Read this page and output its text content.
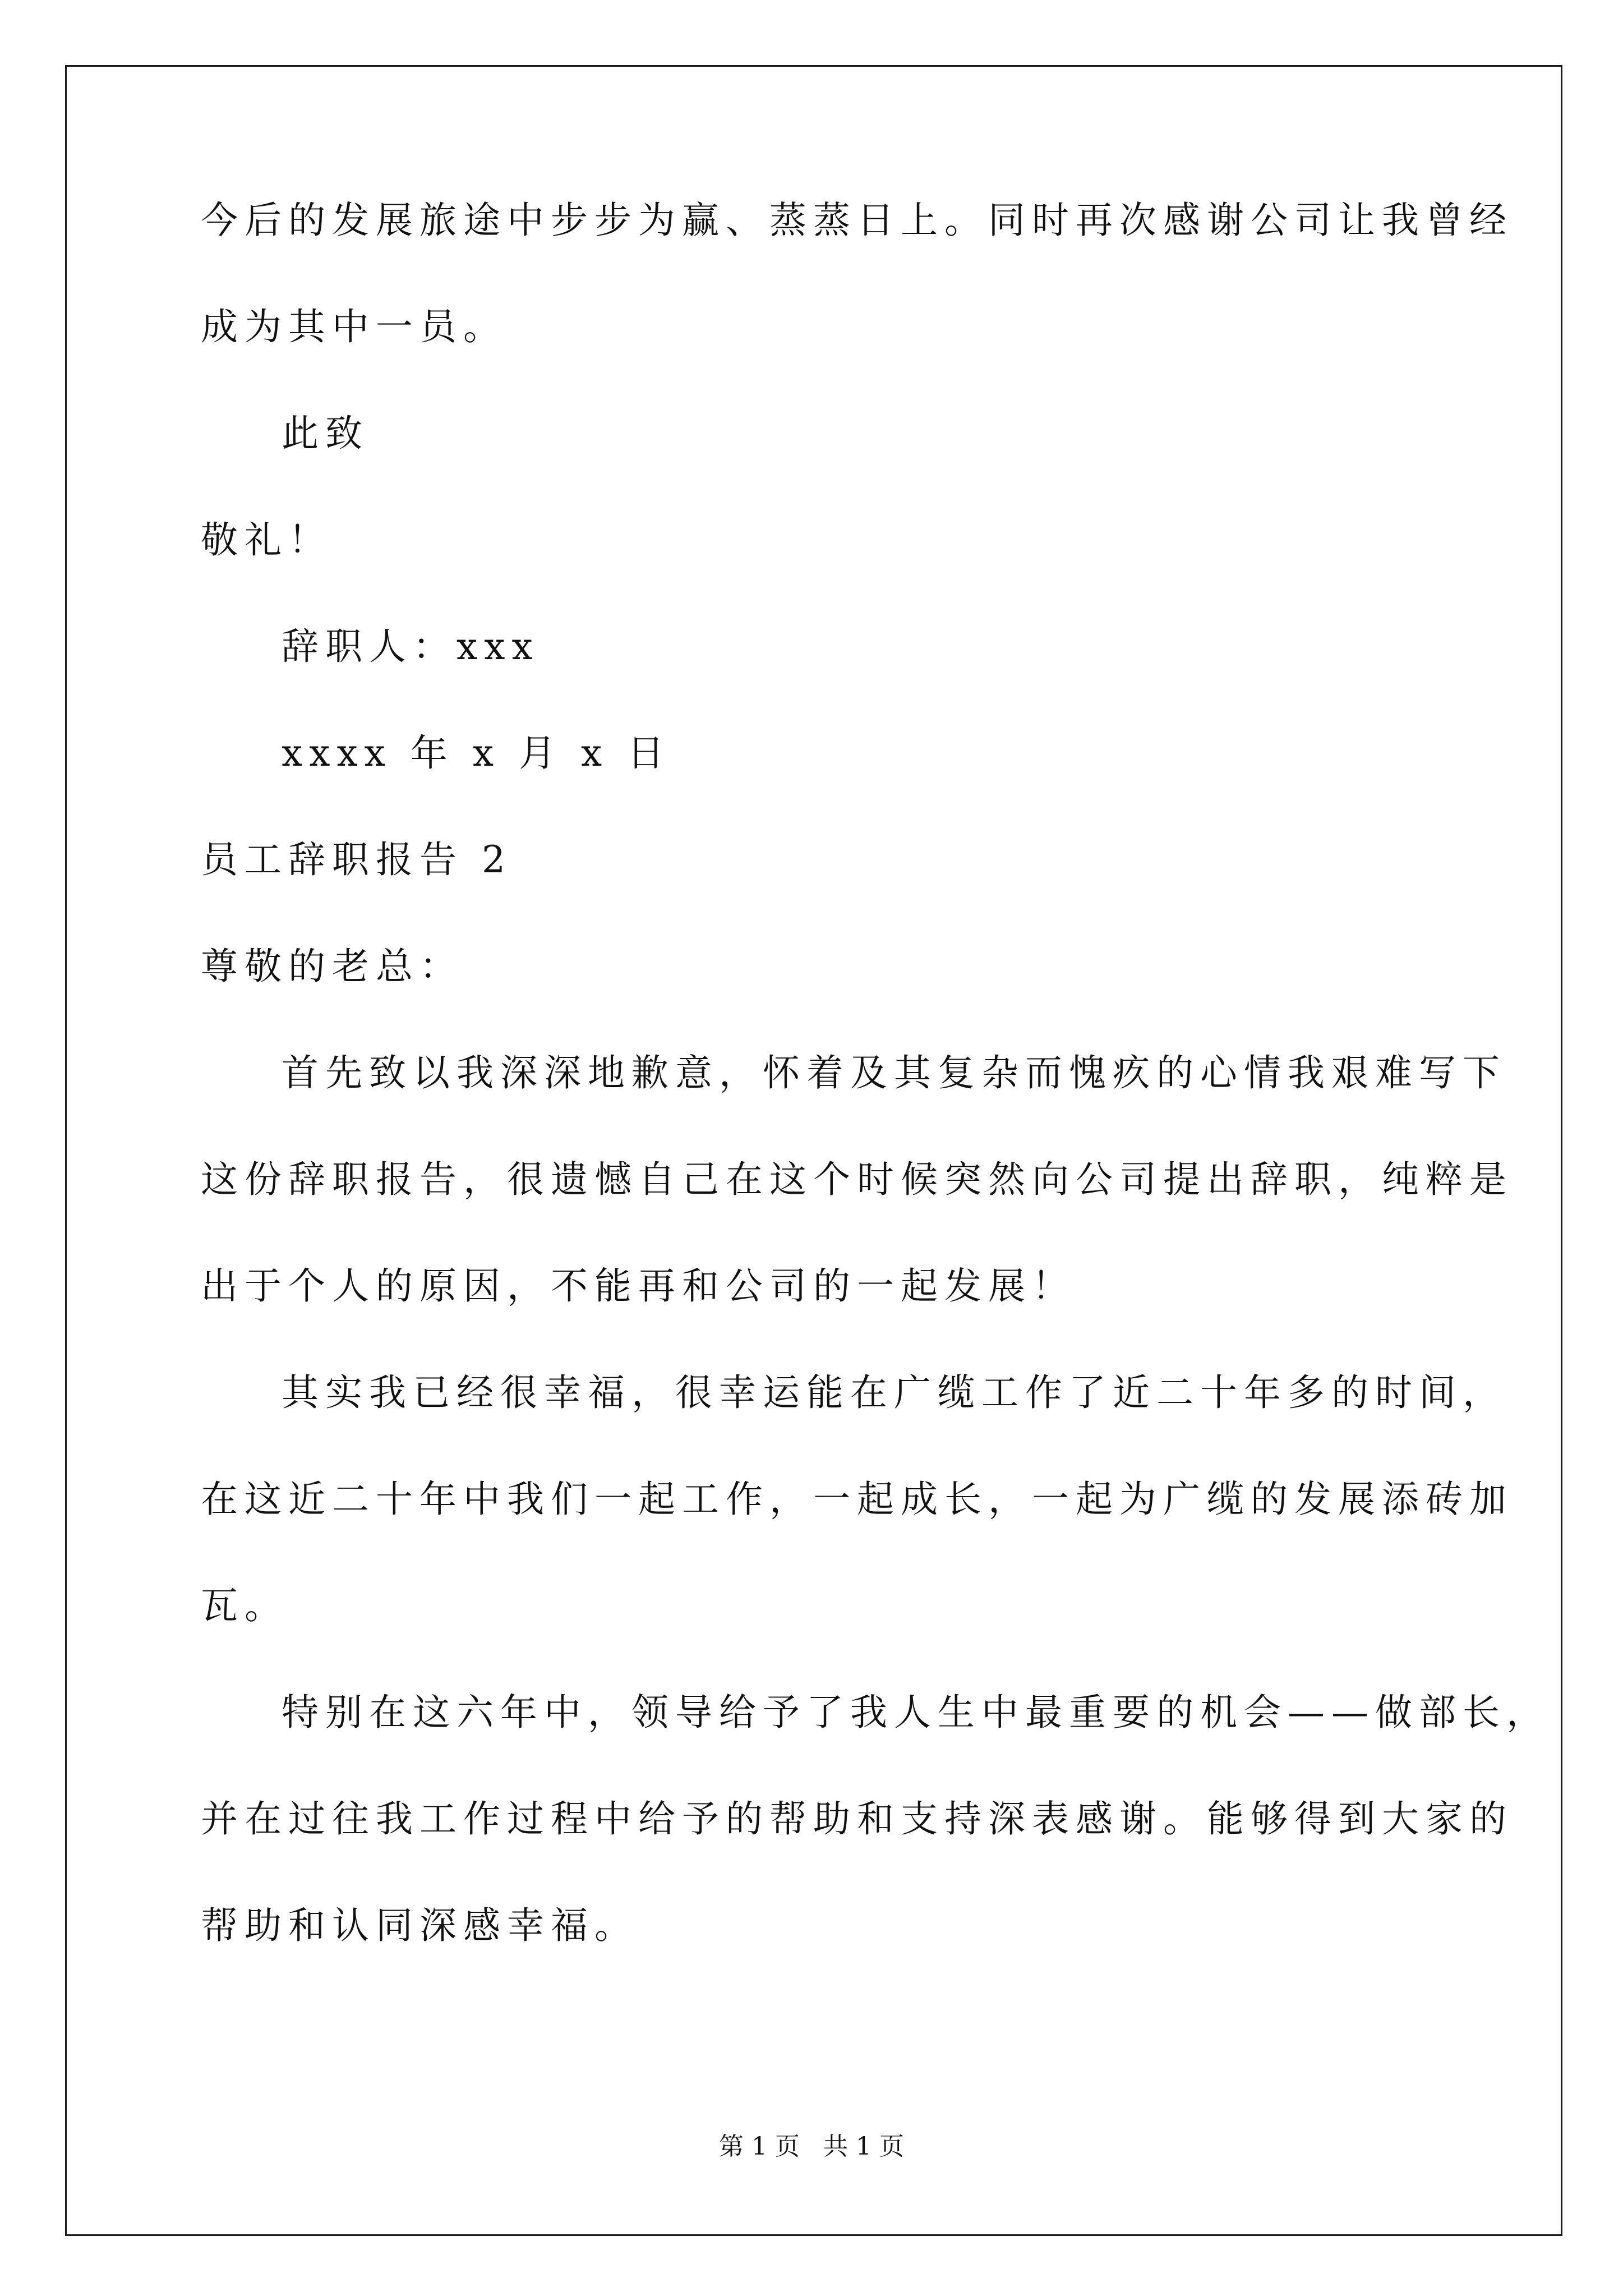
今后的发展旅途中步步为赢、蒸蒸日上。同时再次感谢公司让我曾经
成为其中一员。
此致
敬礼！
辞职人：xxx
xxxx 年 x 月 x 日
员工辞职报告 2
尊敬的老总：
首先致以我深深地歉意，怀着及其复杂而愧疚的心情我艰难写下
这份辞职报告，很遗憾自己在这个时候突然向公司提出辞职，纯粹是
出于个人的原因，不能再和公司的一起发展！
其实我已经很幸福，很幸运能在广缆工作了近二十年多的时间，
在这近二十年中我们一起工作，一起成长，一起为广缆的发展添砖加
瓦。
特别在这六年中，领导给予了我人生中最重要的机会——做部长，
并在过往我工作过程中给予的帮助和支持深表感谢。能够得到大家的
帮助和认同深感幸福。
第 1 页 共 1 页
